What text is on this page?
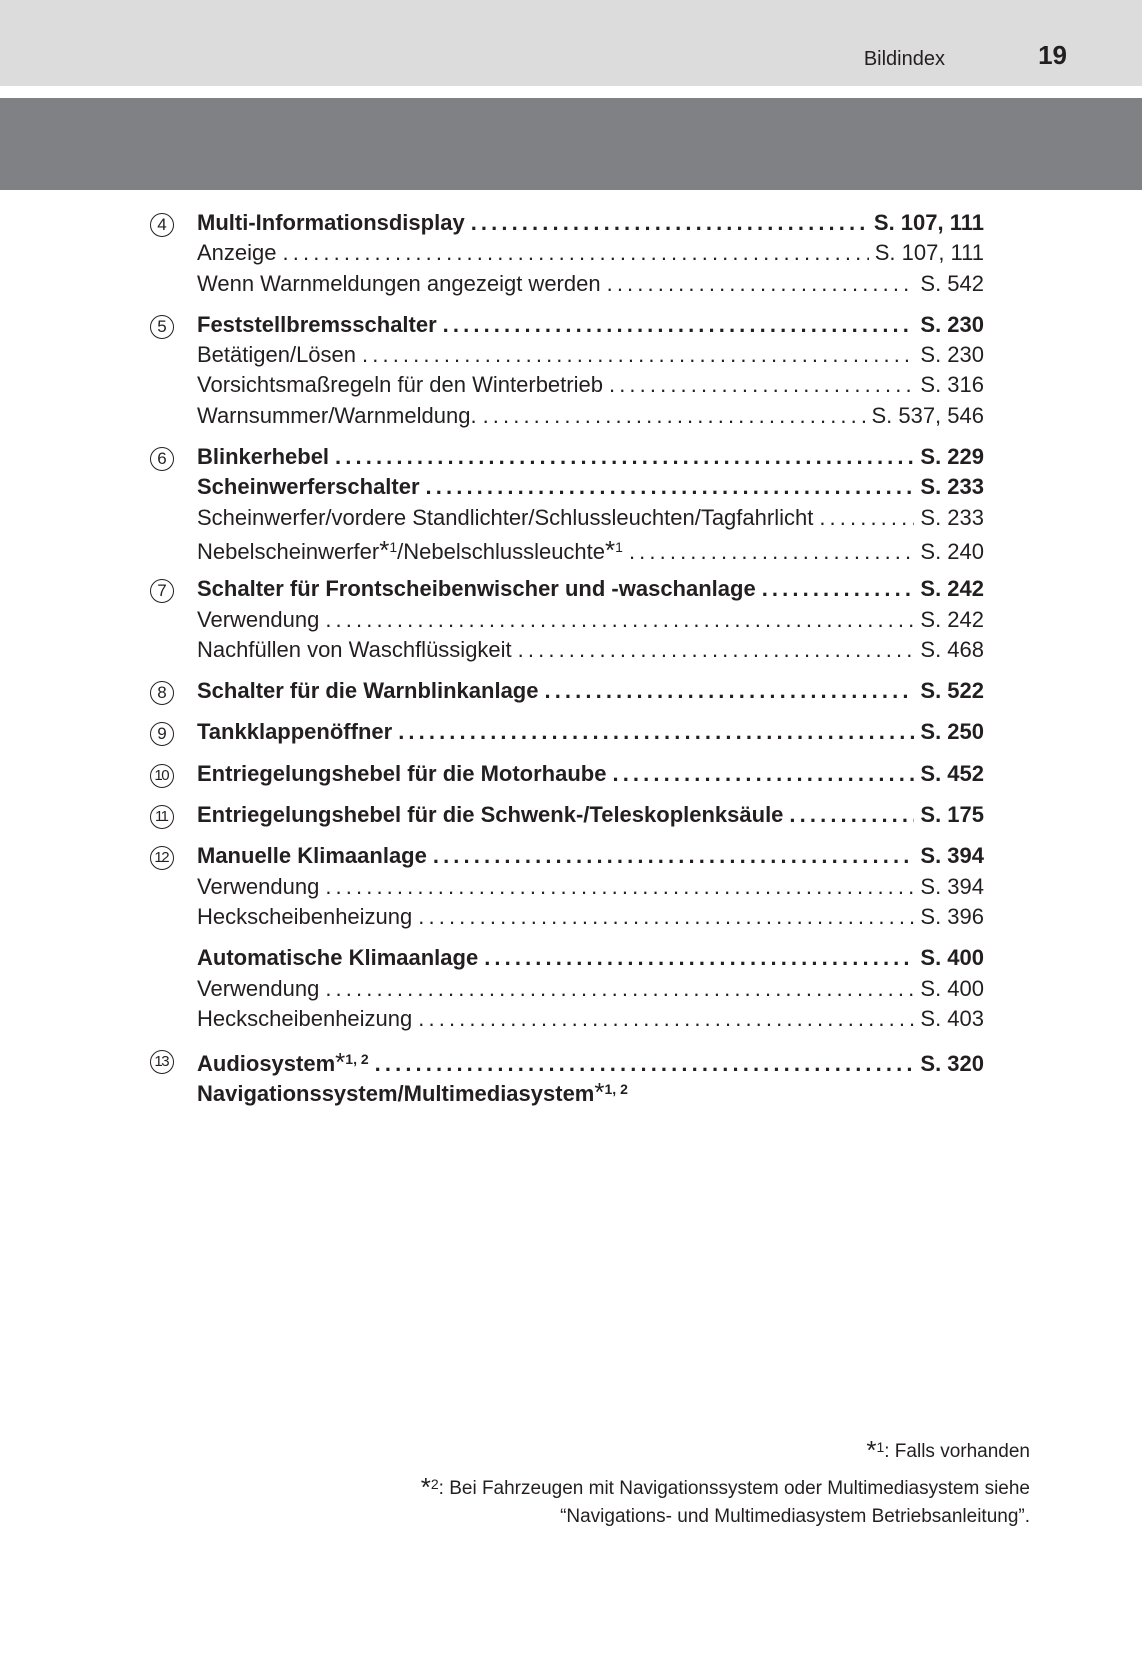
Bildindex	19
4	Multi-Informationsdisplay . . .	S. 107, 111
Anzeige . . .	S. 107, 111
Wenn Warnmeldungen angezeigt werden . . .	S. 542
5	Feststellbremsschalter . . .	S. 230
Betätigen/Lösen . . .	S. 230
Vorsichtsmaßregeln für den Winterbetrieb . . .	S. 316
Warnsummer/Warnmeldung. . . .	S. 537, 546
6	Blinkerhebel . . .	S. 229
Scheinwerferschalter . . .	S. 233
Scheinwerfer/vordere Standlichter/Schlussleuchten/Tagfahrlicht . . .	S. 233
Nebelscheinwerfer*$^1$/Nebelschlussleuchte*$^1$ . . .	S. 240
7	Schalter für Frontscheibenwischer und -waschanlage . . .	S. 242
Verwendung . . .	S. 242
Nachfüllen von Waschflüssigkeit . . .	S. 468
8	Schalter für die Warnblinkanlage . . .	S. 522
9	Tankklappenöffner . . .	S. 250
10 Entriegelungshebel für die Motorhaube . . .	S. 452
11 Entriegelungshebel für die Schwenk-/Teleskoplenksäule . . .	S. 175
12 Manuelle Klimaanlage . . .	S. 394
Verwendung . . .	S. 394
Heckscheibenheizung . . .	S. 396
Automatische Klimaanlage . . .	S. 400
Verwendung . . .	S. 400
Heckscheibenheizung . . .	S. 403
13 Audiosystem*$^{1, 2}$ . . .	S. 320
Navigationssystem/Multimediasystem*$^{1, 2}$
*$^1$: Falls vorhanden
*$^2$: Bei Fahrzeugen mit Navigationssystem oder Multimediasystem siehe
“Navigations- und Multimediasystem Betriebsanleitung”.
